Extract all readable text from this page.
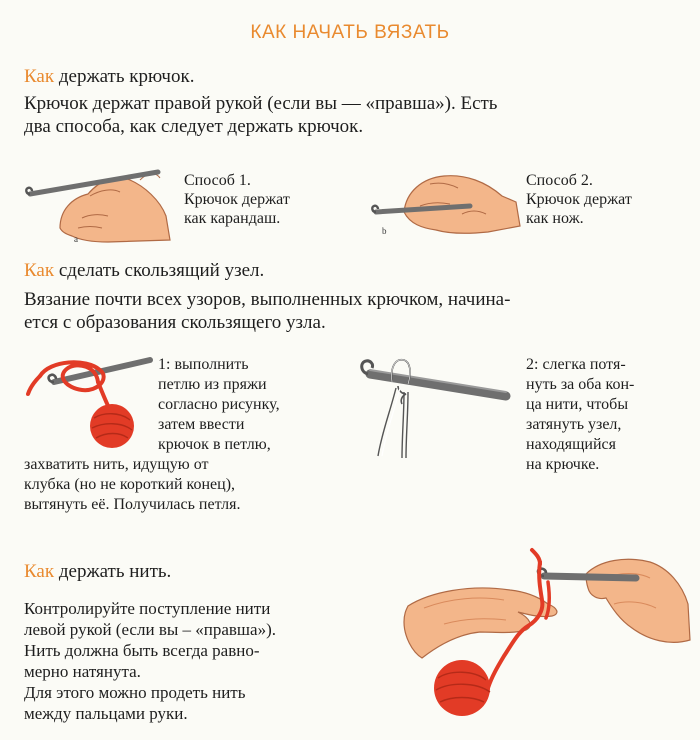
КАК НАЧАТЬ ВЯЗАТЬ
Как держать крючок.
Крючок держат правой рукой (если вы — «правша»). Есть
два способа, как следует держать крючок.
a
Способ 1.
Крючок держат
как карандаш.
b
Способ 2.
Крючок держат
как нож.
Как сделать скользящий узел.
Вязание почти всех узоров, выполненных крючком, начина-
ется с образования скользящего узла.
1: выполнить
петлю из пряжи
согласно рисунку,
затем ввести
крючок в петлю,
захватить нить, идущую от
клубка (но не короткий конец),
вытянуть её. Получилась петля.
2: слегка потя-
нуть за оба кон-
ца нити, чтобы
затянуть узел,
находящийся
на крючке.
Как держать нить.
Контролируйте поступление нити
левой рукой (если вы – «правша»).
Нить должна быть всегда равно-
мерно натянута.
Для этого можно продеть нить
между пальцами руки.
